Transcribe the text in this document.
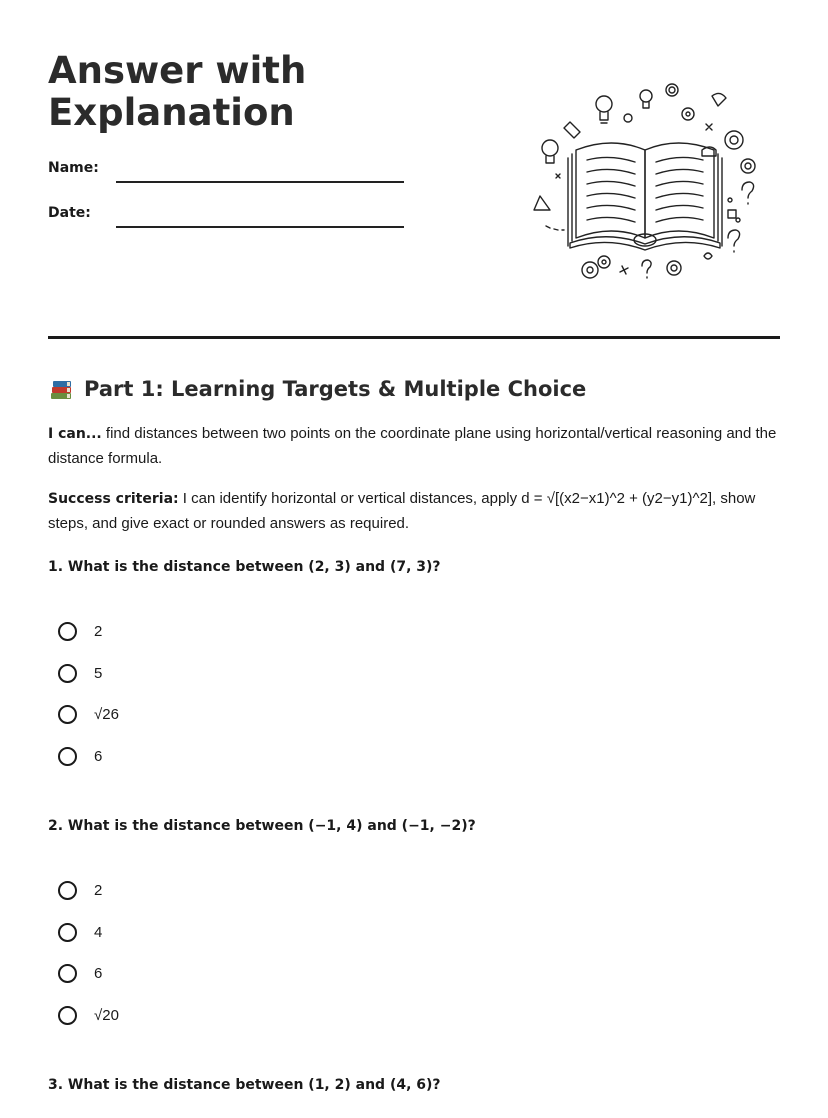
Answer with
Explanation
Name:
Date:
Part 1: Learning Targets & Multiple Choice

I can... find distances between two points on the coordinate plane using horizontal/vertical reasoning and the distance formula.

Success criteria: I can identify horizontal or vertical distances, apply d = √[(x2−x1)^2 + (y2−y1)^2], show steps, and give exact or rounded answers as required.

1. What is the distance between (2, 3) and (7, 3)?

2
5
√26
6

2. What is the distance between (−1, 4) and (−1, −2)?

2
4
6
√20

3. What is the distance between (1, 2) and (4, 6)?
